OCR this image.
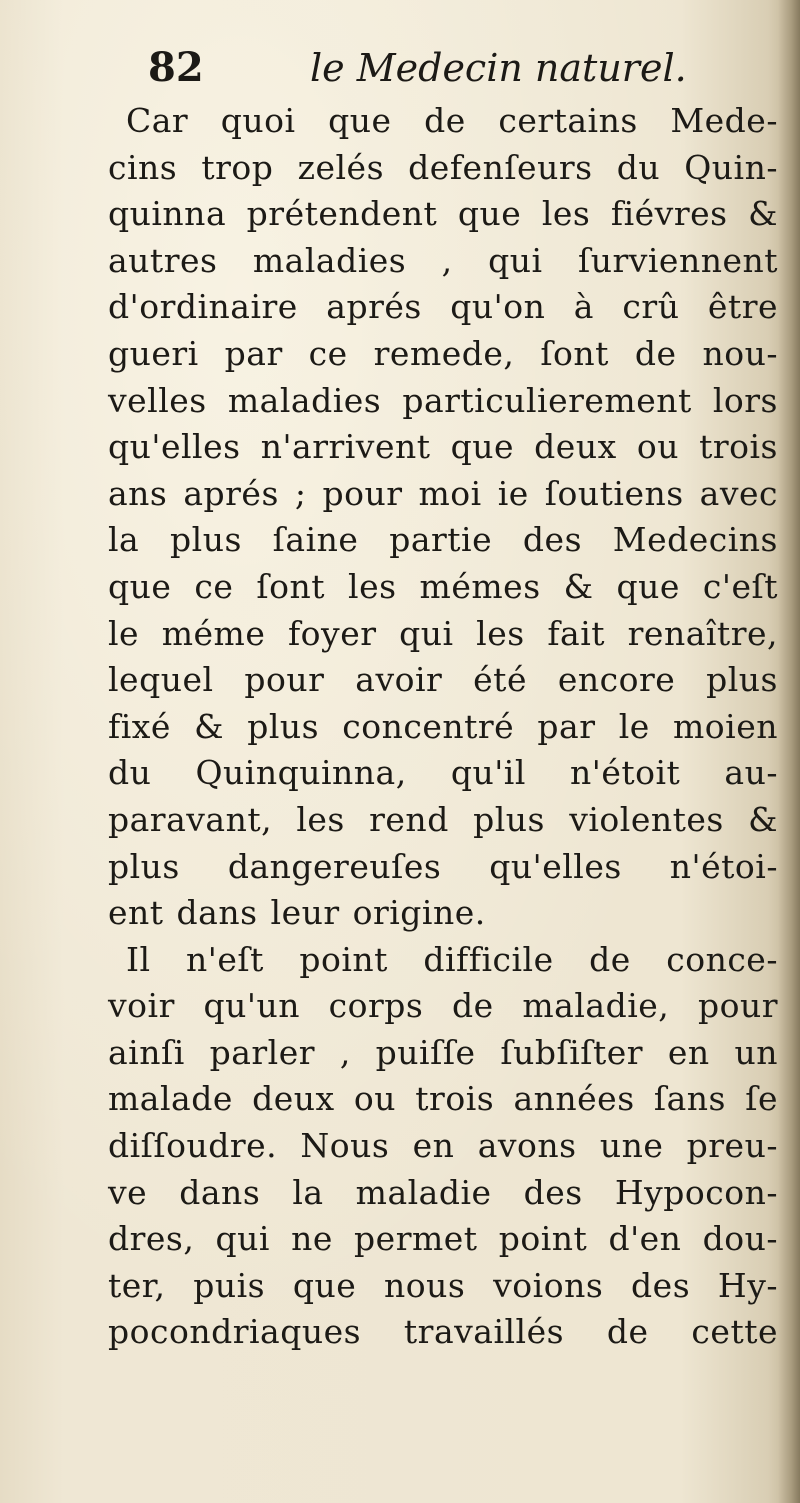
82	le Medecin naturel.
Car quoi que de certains Mede-
cins trop zelés defenſeurs du Quin-
quinna prétendent que les fiévres &
autres maladies , qui ſurviennent
d'ordinaire aprés qu'on à crû être
gueri par ce remede, ſont de nou-
velles maladies particulierement lors
qu'elles n'arrivent que deux ou trois
ans aprés ; pour moi ie ſoutiens avec
la plus ſaine partie des Medecins
que ce ſont les mémes & que c'eſt
le méme foyer qui les fait renaître,
lequel pour avoir été encore plus
fixé & plus concentré par le moien
du Quinquinna, qu'il n'étoit au-
paravant, les rend plus violentes &
plus dangereuſes qu'elles n'étoi-
ent dans leur origine.
Il n'eſt point difficile de conce-
voir qu'un corps de maladie, pour
ainſi parler , puiſſe ſubſiſter en un
malade deux ou trois années ſans ſe
diſſoudre. Nous en avons une preu-
ve dans la maladie des Hypocon-
dres, qui ne permet point d'en dou-
ter, puis que nous voions des Hy-
pocondriaques travaillés de cette
